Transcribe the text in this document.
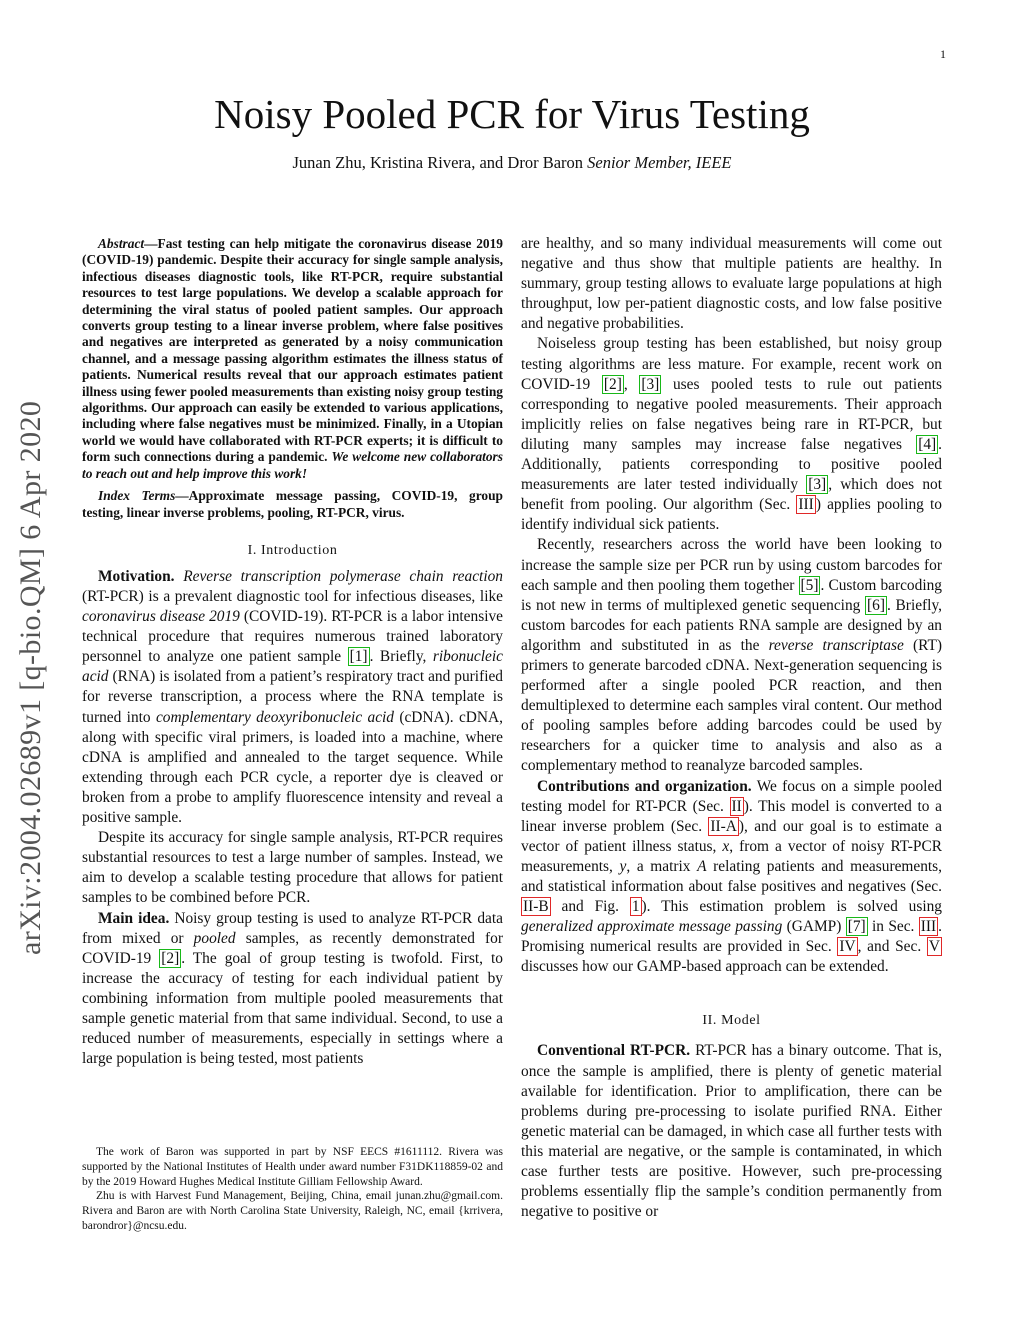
1
arXiv:2004.02689v1 [q-bio.QM] 6 Apr 2020
Noisy Pooled PCR for Virus Testing
Junan Zhu, Kristina Rivera, and Dror Baron Senior Member, IEEE

Abstract—Fast testing can help mitigate the coronavirus disease 2019 (COVID-19) pandemic. Despite their accuracy for single sample analysis, infectious diseases diagnostic tools, like RT-PCR, require substantial resources to test large populations. We develop a scalable approach for determining the viral status of pooled patient samples. Our approach converts group testing to a linear inverse problem, where false positives and negatives are interpreted as generated by a noisy communication channel, and a message passing algorithm estimates the illness status of patients. Numerical results reveal that our approach estimates patient illness using fewer pooled measurements than existing noisy group testing algorithms. Our approach can easily be extended to various applications, including where false negatives must be minimized. Finally, in a Utopian world we would have collaborated with RT-PCR experts; it is difficult to form such connections during a pandemic. We welcome new collaborators to reach out and help improve this work!

Index Terms—Approximate message passing, COVID-19, group testing, linear inverse problems, pooling, RT-PCR, virus.

I. Introduction

Motivation. Reverse transcription polymerase chain reaction (RT-PCR) is a prevalent diagnostic tool for infectious diseases, like coronavirus disease 2019 (COVID-19). RT-PCR is a labor intensive technical procedure that requires numerous trained laboratory personnel to analyze one patient sample [1] . Briefly, ribonucleic acid (RNA) is isolated from a patient’s respiratory tract and purified for reverse transcription, a process where the RNA template is turned into complementary deoxyribonucleic acid (cDNA). cDNA, along with specific viral primers, is loaded into a machine, where cDNA is amplified and annealed to the target sequence. While extending through each PCR cycle, a reporter dye is cleaved or broken from a probe to amplify fluorescence intensity and reveal a positive sample.

Despite its accuracy for single sample analysis, RT-PCR requires substantial resources to test a large number of samples. Instead, we aim to develop a scalable testing procedure that allows for patient samples to be combined before PCR.

Main idea. Noisy group testing is used to analyze RT-PCR data from mixed or pooled samples, as recently demonstrated for COVID-19 [2] . The goal of group testing is twofold. First, to increase the accuracy of testing for each individual patient by combining information from multiple pooled measurements that sample genetic material from that same individual. Second, to use a reduced number of measurements, especially in settings where a large population is being tested, most patients

The work of Baron was supported in part by NSF EECS #1611112. Rivera was supported by the National Institutes of Health under award number F31DK118859-02 and by the 2019 Howard Hughes Medical Institute Gilliam Fellowship Award.

Zhu is with Harvest Fund Management, Beijing, China, email junan.zhu@gmail.com. Rivera and Baron are with North Carolina State University, Raleigh, NC, email {krrivera, barondror}@ncsu.edu.

are healthy, and so many individual measurements will come out negative and thus show that multiple patients are healthy. In summary, group testing allows to evaluate large populations at high throughput, low per-patient diagnostic costs, and low false positive and negative probabilities.

Noiseless group testing has been established, but noisy group testing algorithms are less mature. For example, recent work on COVID-19 [2] , [3] uses pooled tests to rule out patients corresponding to negative pooled measurements. Their approach implicitly relies on false negatives being rare in RT-PCR, but diluting many samples may increase false negatives [4] . Additionally, patients corresponding to positive pooled measurements are later tested individually [3] , which does not benefit from pooling. Our algorithm (Sec. III ) applies pooling to identify individual sick patients.

Recently, researchers across the world have been looking to increase the sample size per PCR run by using custom barcodes for each sample and then pooling them together [5] . Custom barcoding is not new in terms of multiplexed genetic sequencing [6] . Briefly, custom barcodes for each patients RNA sample are designed by an algorithm and substituted in as the reverse transcriptase (RT) primers to generate barcoded cDNA. Next-generation sequencing is performed after a single pooled PCR reaction, and then demultiplexed to determine each samples viral content. Our method of pooling samples before adding barcodes could be used by researchers for a quicker time to analysis and also as a complementary method to reanalyze barcoded samples.

Contributions and organization. We focus on a simple pooled testing model for RT-PCR (Sec. II ). This model is converted to a linear inverse problem (Sec. II-A ), and our goal is to estimate a vector of patient illness status, x, from a vector of noisy RT-PCR measurements, y, a matrix A relating patients and measurements, and statistical information about false positives and negatives (Sec. II-B and Fig. 1 ). This estimation problem is solved using generalized approximate message passing (GAMP) [7] in Sec. III . Promising numerical results are provided in Sec. IV , and Sec. V discusses how our GAMP-based approach can be extended.

II. Model

Conventional RT-PCR. RT-PCR has a binary outcome. That is, once the sample is amplified, there is plenty of genetic material available for identification. Prior to amplification, there can be problems during pre-processing to isolate purified RNA. Either genetic material can be damaged, in which case all further tests with this material are negative, or the sample is contaminated, in which case further tests are positive. However, such pre-processing problems essentially flip the sample’s condition permanently from negative to positive or
